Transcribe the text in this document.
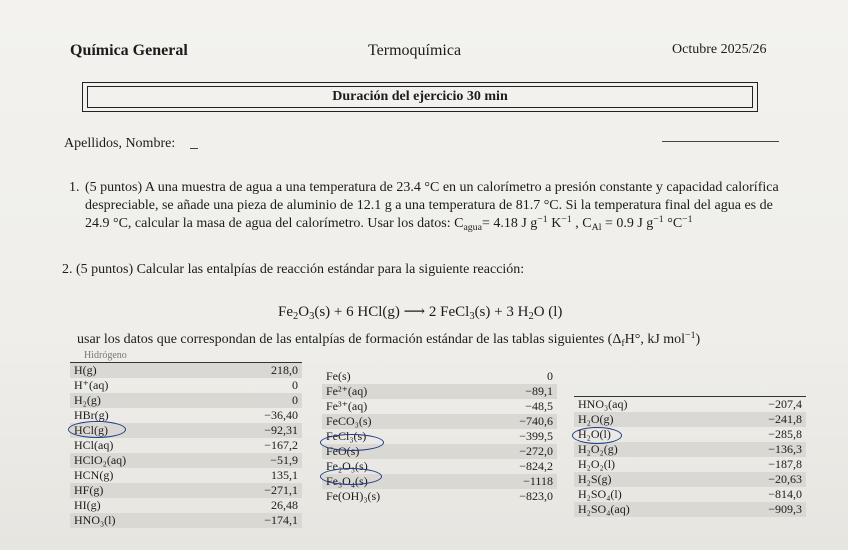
Química General	Termoquímica	Octubre 2025/26
Duración del ejercicio 30 min
Apellidos, Nombre:
1. (5 puntos) A una muestra de agua a una temperatura de 23.4 °C en un calorímetro a presión constante y capacidad calorífica despreciable, se añade una pieza de aluminio de 12.1 g a una temperatura de 81.7 °C. Si la temperatura final del agua es de 24.9 °C, calcular la masa de agua del calorímetro. Usar los datos: $C_{agua}= 4.18$ J $g^{-1}$ $K^{-1}$ , $C_{Al} = 0.9$ J $g^{-1}$ $^\circ C^{-1}$
2. (5 puntos) Calcular las entalpías de reacción estándar para la siguiente reacción:
$Fe_2O_3(s) + 6$ HCl(g) ⟶ 2 FeCl$_3$(s) + 3 $H_2O$ (l)
usar los datos que correspondan de las entalpías de formación estándar de las tablas siguientes ($\Delta_fH^\circ$, kJ mol$^{-1}$)
Hidrógeno
H(g)	218,0
H⁺(aq)	0
H₂(g)	0
HBr(g)	−36,40
HCl(g)	−92,31
HCl(aq)	−167,2
HClO₂(aq)	−51,9
HCN(g)	135,1
HF(g)	−271,1
HI(g)	26,48
HNO₃(l)	−174,1
Fe(s)	0
Fe²⁺(aq)	−89,1
Fe³⁺(aq)	−48,5
FeCO₃(s)	−740,6
FeCl₃(s)	−399,5
FeO(s)	−272,0
Fe₂O₃(s)	−824,2
Fe₃O₄(s)	−1118
Fe(OH)₃(s)	−823,0
HNO₃(aq)	−207,4
H₂O(g)	−241,8
H₂O(l)	−285,8
H₂O₂(g)	−136,3
H₂O₂(l)	−187,8
H₂S(g)	−20,63
H₂SO₄(l)	−814,0
H₂SO₄(aq)	−909,3
